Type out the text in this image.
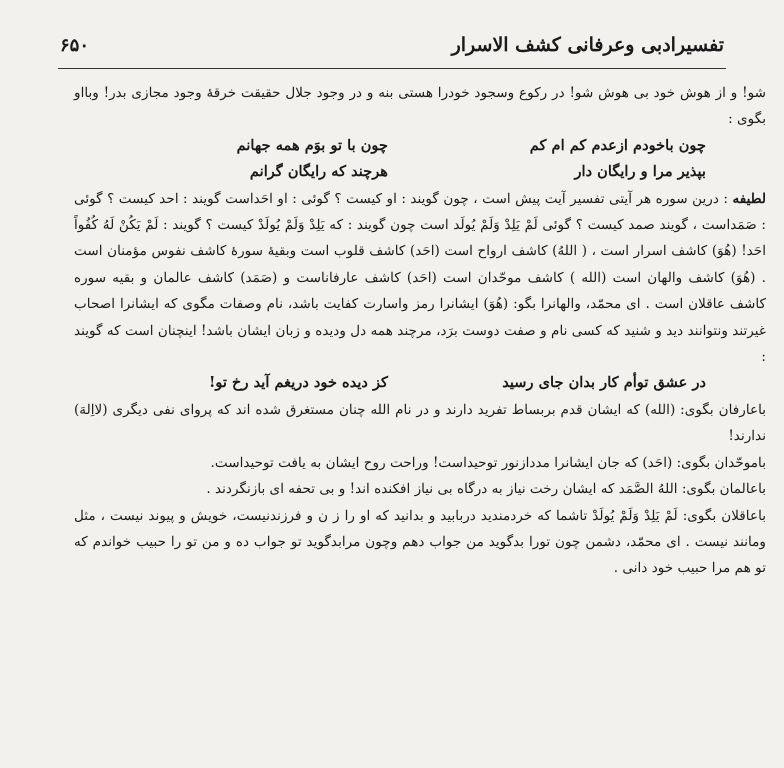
تفسیرادبی وعرفانی کشف الاسرار
۶۵۰

شو! و از هوش خود بی هوش شو! در رکوع وسجود خودرا هستی بنه و در وجود جلال حقیقت خرقهٔ وجود مجازی بدر! وبااو بگوی :

چون باخودم ازعدم کم ام کم
چون با تو بوَم همه جهانم
بپذیر مرا و رایگان دار
هرچند که رایگان گرانم

لطیفه : درین سوره هر آیتی تفسیر آیت پیش است ، چون گویند : او کیست ؟ گوئی : او احَداست گویند : احد کیست ؟ گوئی : صَمَداست ، گویند صمد کیست ؟ گوئی لَمْ یَلِدْ وَلَمْ یُولَد است چون گویند : که یَلِدْ وَلَمْ یُولَدْ کیست ؟ گویند : لَمْ یَکُنْ لَهُ کُفُواً احَد! (هُوَ) کاشف اسرار است ، ( اللهُ) کاشف ارواح است (احَد) کاشف قلوب است وبقیهٔ سورهٔ کاشف نفوس مؤمنان است . (هُوَ) کاشف والهان است (الله ) کاشف موحّدان است (احَد) کاشف عارفاناست و (صَمَد) کاشف عالمان و بقیه سوره کاشف عاقلان است . ای محمّد، والهانرا بگو: (هُوَ) ایشانرا رمز واسارت کفایت باشد، نام وصفات مگوی که ایشانرا اصحاب غیرتند ونتوانند دید و شنید که کسی نام و صفت دوست برَد، مرچند همه دل ودیده و زبان ایشان باشد! اینچنان است که گویند :

در عشق توأم کار بدان جای رسید
کز دیده خود دریغم آید رخ تو!

باعارفان بگوی: (الله) که ایشان قدم بربساط تفرید دارند و در نام الله چنان مستغرق شده اند که پروای نفی دیگری (لااِلهَ) ندارند!

باموحّدان بگوی: (احَد) که جان ایشانرا مددازنور توحیداست! وراحت روح ایشان به یافت توحیداست.

باعالمان بگوی: اللهُ الصَّمَد که ایشان رخت نیاز به درگاه بی نیاز افکنده اند! و بی تحفه ای بازنگردند .

باعاقلان بگوی: لَمْ یَلِدْ وَلَمْ یُولَدْ تاشما که خردمندید دربابید و بدانید که او را ز ن و فرزندنیست، خویش و پیوند نیست ، مثل ومانند نیست . ای محمّد، دشمن چون تورا بدگوید من جواب دهم وچون مرابدگوید تو جواب ده و من تو را حبیب خواندم که تو هم مرا حبیب خود دانی .
